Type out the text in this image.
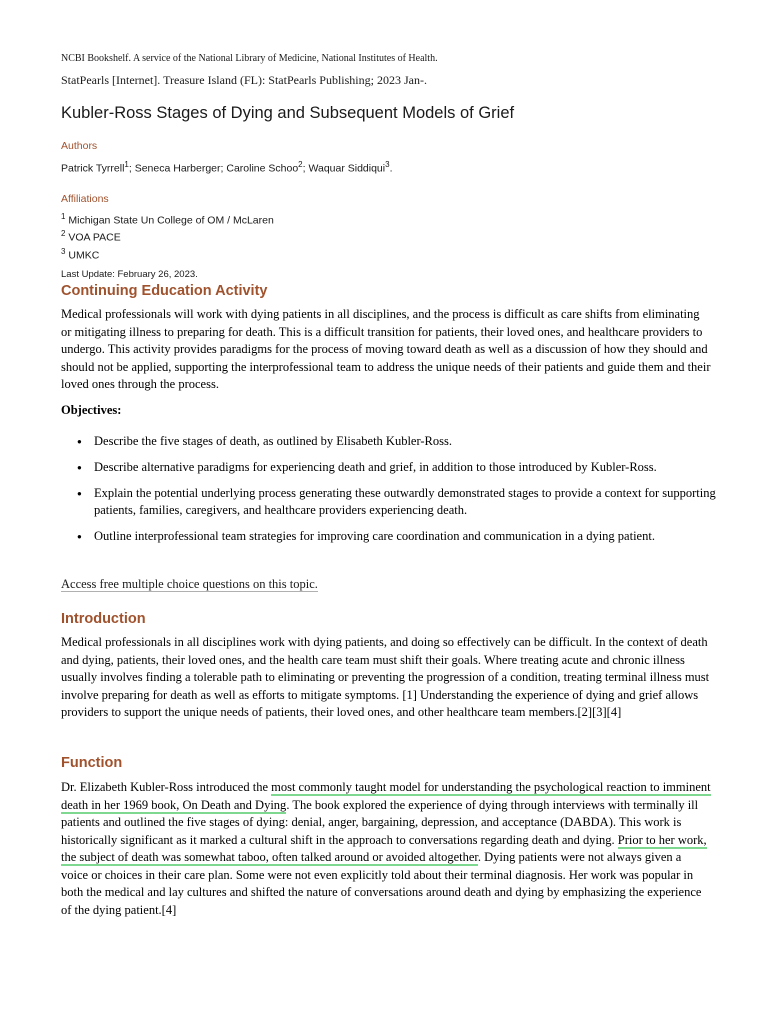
NCBI Bookshelf. A service of the National Library of Medicine, National Institutes of Health.

StatPearls [Internet]. Treasure Island (FL): StatPearls Publishing; 2023 Jan-.

Kubler-Ross Stages of Dying and Subsequent Models of Grief

Authors

Patrick Tyrrell$^1$; Seneca Harberger; Caroline Schoo$^2$; Waquar Siddiqui$^3$.

Affiliations

$^1$ Michigan State Un College of OM / McLaren

$^2$ VOA PACE

$^3$ UMKC

Last Update: February 26, 2023.

Continuing Education Activity

Medical professionals will work with dying patients in all disciplines, and the process is difficult as care shifts from eliminating or mitigating illness to preparing for death. This is a difficult transition for patients, their loved ones, and healthcare providers to undergo. This activity provides paradigms for the process of moving toward death as well as a discussion of how they should and should not be applied, supporting the interprofessional team to address the unique needs of their patients and guide them and their loved ones through the process.

Objectives:

● Describe the five stages of death, as outlined by Elisabeth Kubler-Ross.
● Describe alternative paradigms for experiencing death and grief, in addition to those introduced by Kubler-Ross.
● Explain the potential underlying process generating these outwardly demonstrated stages to provide a context for supporting patients, families, caregivers, and healthcare providers experiencing death.
● Outline interprofessional team strategies for improving care coordination and communication in a dying patient.

Access free multiple choice questions on this topic.

Introduction

Medical professionals in all disciplines work with dying patients, and doing so effectively can be difficult. In the context of death and dying, patients, their loved ones, and the health care team must shift their goals. Where treating acute and chronic illness usually involves finding a tolerable path to eliminating or preventing the progression of a condition, treating terminal illness must involve preparing for death as well as efforts to mitigate symptoms. [1] Understanding the experience of dying and grief allows providers to support the unique needs of patients, their loved ones, and other healthcare team members.[2][3][4]

Function

Dr. Elizabeth Kubler-Ross introduced the most commonly taught model for understanding the psychological reaction to imminent death in her 1969 book, On Death and Dying. The book explored the experience of dying through interviews with terminally ill patients and outlined the five stages of dying: denial, anger, bargaining, depression, and acceptance (DABDA). This work is historically significant as it marked a cultural shift in the approach to conversations regarding death and dying. Prior to her work, the subject of death was somewhat taboo, often talked around or avoided altogether. Dying patients were not always given a voice or choices in their care plan. Some were not even explicitly told about their terminal diagnosis. Her work was popular in both the medical and lay cultures and shifted the nature of conversations around death and dying by emphasizing the experience of the dying patient.[4]
